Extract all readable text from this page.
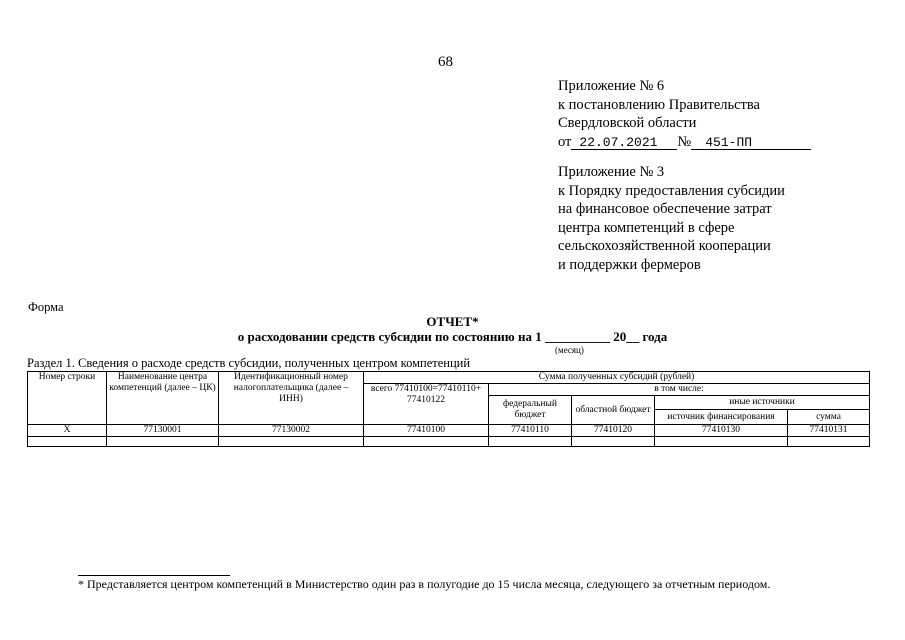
68
Приложение № 6
к постановлению Правительства
Свердловской области
от 22.07.2021 № 451-ПП
Приложение № 3
к Порядку предоставления субсидии
на финансовое обеспечение затрат
центра компетенций в сфере
сельскохозяйственной кооперации
и поддержки фермеров
Форма
ОТЧЕТ*
о расходовании средств субсидии по состоянию на 1 __________ 20__ года
(месяц)
Раздел 1. Сведения о расходе средств субсидии, полученных центром компетенций
Номер строки	Наименование центра компетенций (далее – ЦК)	Идентификационный номер налогоплательщика (далее – ИНН)	Сумма полученных субсидий (рублей)				
			всего 77410100=77410110+ 77410122	в том числе:			
				федеральный бюджет	областной бюджет	иные источники	
						источник финансирования	сумма
Х	77130001	77130002	77410100	77410110	77410120	77410130	77410131

* Представляется центром компетенций в Министерство один раз в полугодие до 15 числа месяца, следующего за отчетным периодом.
